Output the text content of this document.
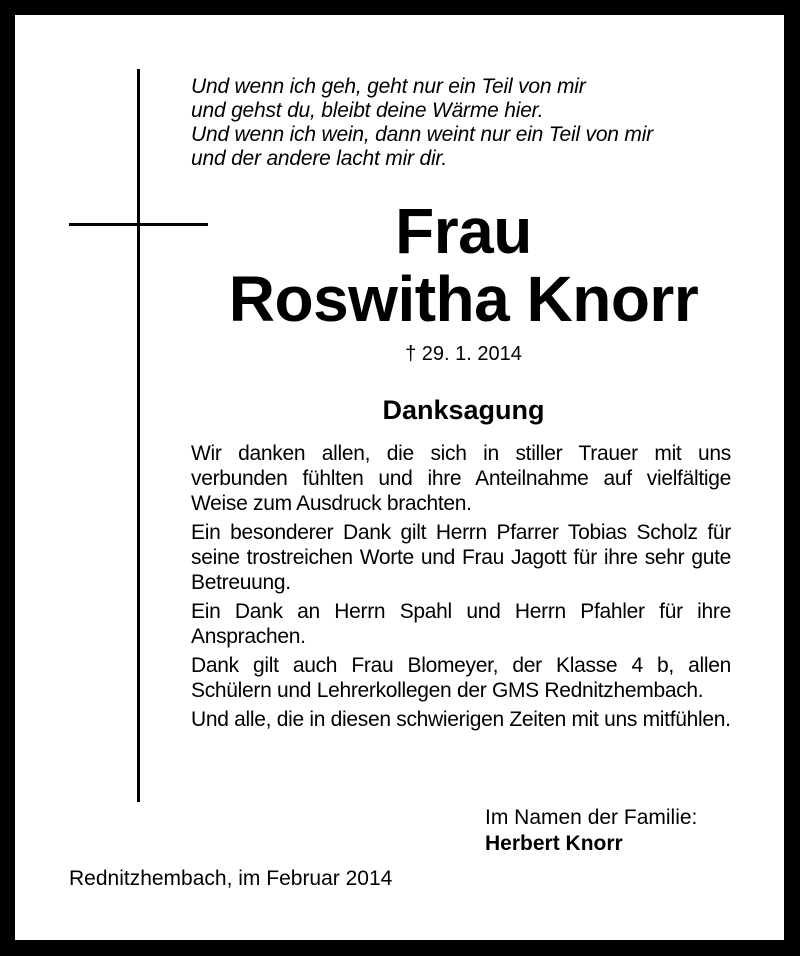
Und wenn ich geh, geht nur ein Teil von mir
und gehst du, bleibt deine Wärme hier.
Und wenn ich wein, dann weint nur ein Teil von mir
und der andere lacht mir dir.
Frau
Roswitha Knorr
† 29. 1. 2014
Danksagung

Wir danken allen, die sich in stiller Trauer mit uns verbunden fühlten und ihre Anteilnahme auf vielfältige Weise zum Ausdruck brachten.

Ein besonderer Dank gilt Herrn Pfarrer Tobias Scholz für seine trostreichen Worte und Frau Jagott für ihre sehr gute Betreuung.

Ein Dank an Herrn Spahl und Herrn Pfahler für ihre Ansprachen.

Dank gilt auch Frau Blomeyer, der Klasse 4 b, allen Schülern und Lehrerkollegen der GMS Rednitzhembach.

Und alle, die in diesen schwierigen Zeiten mit uns mitfühlen.

Im Namen der Familie:
Herbert Knorr
Rednitzhembach, im Februar 2014
